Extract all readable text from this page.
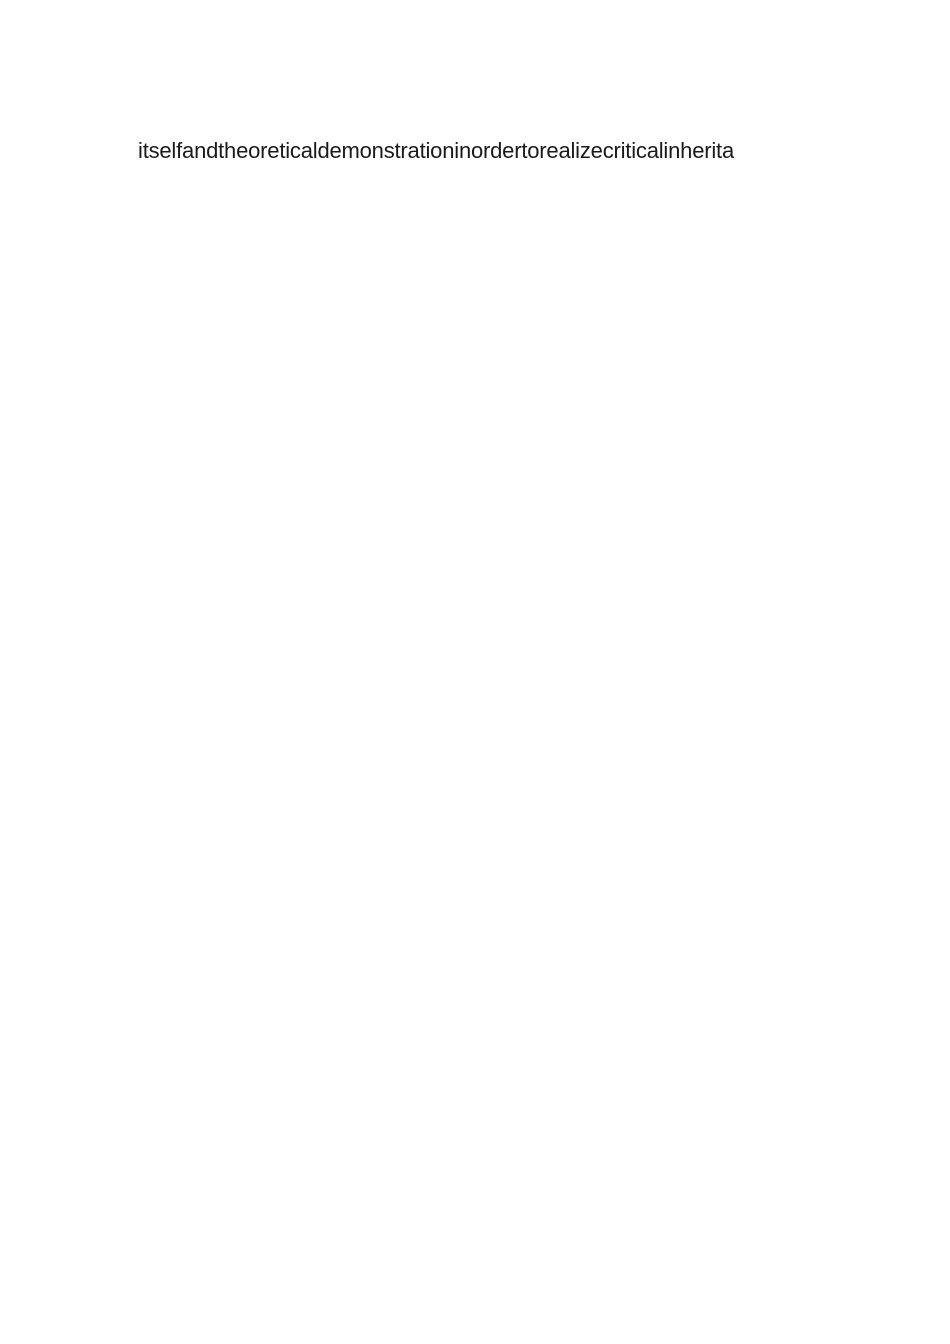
itselfandtheoreticaldemonstrationinordertorealizecriticalinherita
